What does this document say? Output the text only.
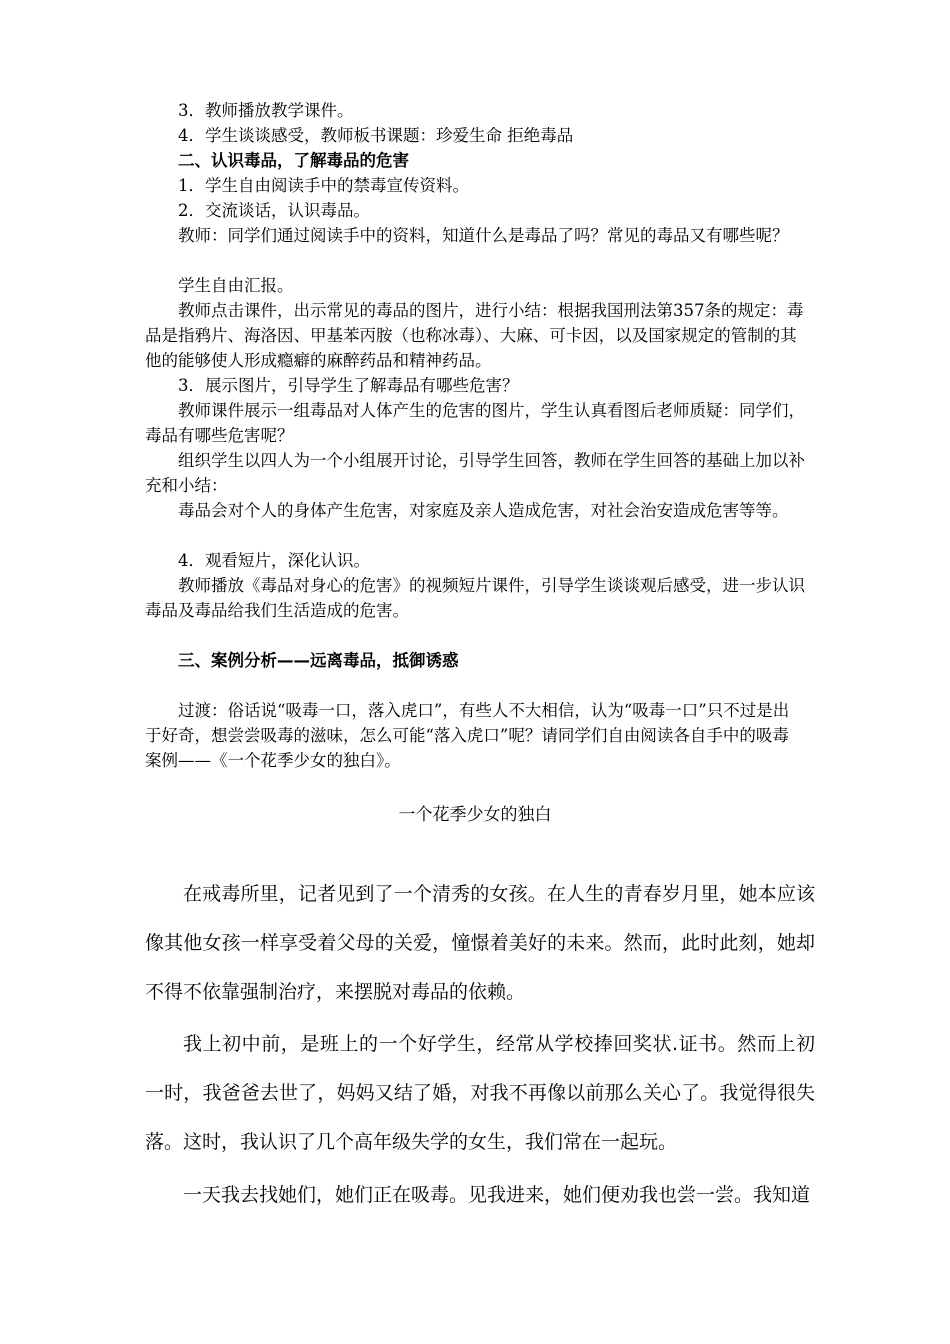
3．教师播放教学课件。

4．学生谈谈感受，教师板书课题：珍爱生命 拒绝毒品

二、认识毒品，了解毒品的危害

1．学生自由阅读手中的禁毒宣传资料。

2．交流谈话，认识毒品。

教师：同学们通过阅读手中的资料，知道什么是毒品了吗？常见的毒品又有哪些呢？

学生自由汇报。

教师点击课件，出示常见的毒品的图片，进行小结：根据我国刑法第357条的规定：毒品是指鸦片、海洛因、甲基苯丙胺（也称冰毒）、大麻、可卡因，以及国家规定的管制的其他的能够使人形成瘾癖的麻醉药品和精神药品。

3．展示图片，引导学生了解毒品有哪些危害？

教师课件展示一组毒品对人体产生的危害的图片，学生认真看图后老师质疑：同学们，毒品有哪些危害呢？

组织学生以四人为一个小组展开讨论，引导学生回答，教师在学生回答的基础上加以补充和小结：

毒品会对个人的身体产生危害，对家庭及亲人造成危害，对社会治安造成危害等等。

4．观看短片，深化认识。

教师播放《毒品对身心的危害》的视频短片课件，引导学生谈谈观后感受，进一步认识毒品及毒品给我们生活造成的危害。

三、案例分析——远离毒品，抵御诱惑

过渡：俗话说“吸毒一口，落入虎口”，有些人不大相信，认为“吸毒一口”只不过是出于好奇，想尝尝吸毒的滋味，怎么可能“落入虎口”呢？请同学们自由阅读各自手中的吸毒案例——《一个花季少女的独白》。

一个花季少女的独白

在戒毒所里，记者见到了一个清秀的女孩。在人生的青春岁月里，她本应该像其他女孩一样享受着父母的关爱，憧憬着美好的未来。然而，此时此刻，她却不得不依靠强制治疗，来摆脱对毒品的依赖。

我上初中前，是班上的一个好学生，经常从学校捧回奖状.证书。然而上初一时，我爸爸去世了，妈妈又结了婚，对我不再像以前那么关心了。我觉得很失落。这时，我认识了几个高年级失学的女生，我们常在一起玩。

一天我去找她们，她们正在吸毒。见我进来，她们便劝我也尝一尝。我知道
